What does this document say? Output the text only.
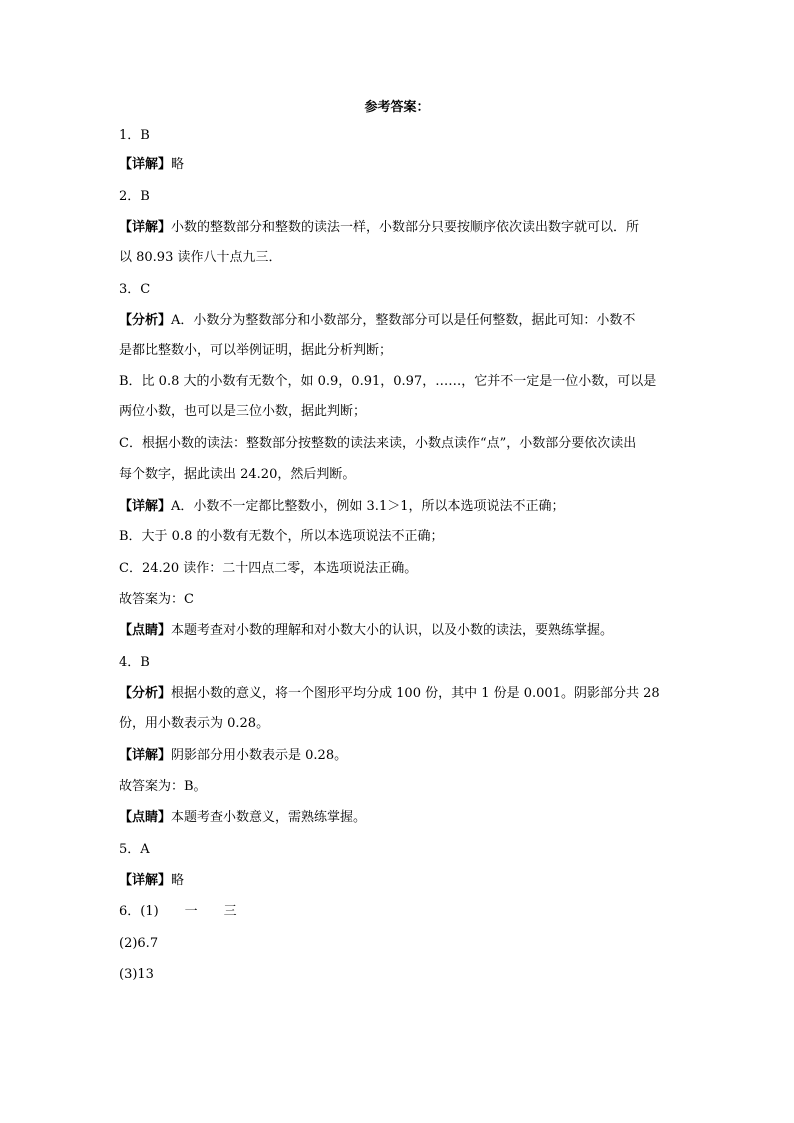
参考答案：
1．B
【详解】略
2．B
【详解】小数的整数部分和整数的读法一样，小数部分只要按顺序依次读出数字就可以．所
以 80.93 读作八十点九三．
3．C
【分析】A．小数分为整数部分和小数部分，整数部分可以是任何整数，据此可知：小数不
是都比整数小，可以举例证明，据此分析判断；
B．比 0.8 大的小数有无数个，如 0.9，0.91，0.97，……，它并不一定是一位小数，可以是
两位小数，也可以是三位小数，据此判断；
C．根据小数的读法：整数部分按整数的读法来读，小数点读作“点”，小数部分要依次读出
每个数字，据此读出 24.20，然后判断。
【详解】A．小数不一定都比整数小，例如 3.1＞1，所以本选项说法不正确；
B．大于 0.8 的小数有无数个，所以本选项说法不正确；
C．24.20 读作：二十四点二零，本选项说法正确。
故答案为：C
【点睛】本题考查对小数的理解和对小数大小的认识，以及小数的读法，要熟练掌握。
4．B
【分析】根据小数的意义，将一个图形平均分成 100 份，其中 1 份是 0.001。阴影部分共 28
份，用小数表示为 0.28。
【详解】阴影部分用小数表示是 0.28。
故答案为：B。
【点睛】本题考查小数意义，需熟练掌握。
5．A
【详解】略
6．(1)　　一　　三
(2)6.7
(3)13
